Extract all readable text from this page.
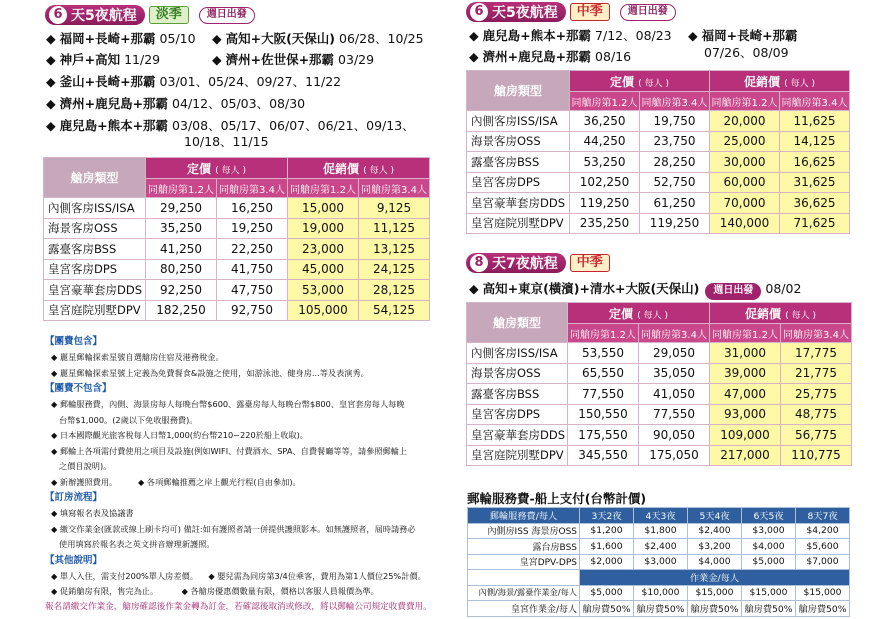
6 天5夜航程	淡季	週日出發
◆ 福岡+長崎+那霸 05/10 ◆ 高知+大阪(天保山) 06/28、10/25
◆ 神戶+高知 11/29	◆ 濟州+佐世保+那霸 03/29
◆ 釜山+長崎+那霸 03/01、05/24、09/27、11/22
◆ 濟州+鹿兒島+那霸 04/12、05/03、08/30
◆ 鹿兒島+熊本+那霸 03/08、05/17、06/07、06/21、09/13、
10/18、11/15
艙房類型	定價 ( 每人 )		促銷價 ( 每人 )	
	同艙房第1.2人	同艙房第3.4人	同艙房第1.2人	同艙房第3.4人
內側客房ISS/ISA	29,250	16,250	15,000	9,125
海景客房OSS	35,250	19,250	19,000	11,125
露臺客房BSS	41,250	22,250	23,000	13,125
皇宮客房DPS	80,250	41,750	45,000	24,125
皇宮豪華套房DDS	92,250	47,750	53,000	28,125
皇宮庭院別墅DPV	182,250	92,750	105,000	54,125
【團費包含】
◆ 麗星郵輪探索星號自選艙房住宿及港務稅金。
◆ 麗星郵輪探索星號上定義為免費餐食&設施之使用，如游泳池、健身房...等及表演秀。
【團費不包含】
◆ 郵輪服務費，內側、海景房每人每晚台幣$600、露臺房每人每晚台幣$800、皇宮套房每人每晚
台幣$1,000。(2歲以下免收服務費)。
◆ 日本國際觀光旅客稅每人日幣1,000(約台幣210~220於船上收取)。
◆ 郵輪上各項需付費使用之項目及設施(例如WIFI、付費酒水、SPA、自費餐廳等等，請參照郵輪上
之價目說明)。
◆ 新辦護照費用。        ◆ 各項郵輪推薦之岸上觀光行程(自由參加)。
【訂房流程】
◆ 填寫報名表及協議書
◆ 繳交作業金(匯款或線上刷卡均可) 備註:如有護照者請一併提供護照影本。如無護照者，屆時請務必
使用填寫於報名表之英文拼音辦理新護照。
【其他說明】
◆ 單人入住，需支付200%單人房差價。    ◆ 嬰兒需為同房第3/4位乘客，費用為第1人價位25%計價。
◆ 促銷艙房有限，售完為止。         ◆ 各艙房優惠價數量有限，價格以客服人員報價為準。
報名請繳交作業金，艙房確認後作業金轉為訂金，若確認後取消或修改，將以郵輪公司規定收費費用。
6 天5夜航程	中季	週日出發
◆ 鹿兒島+熊本+那霸 7/12、08/23 ◆ 福岡+長崎+那霸
07/26、08/09
◆ 濟州+鹿兒島+那霸 08/16
艙房類型	定價 ( 每人 )		促銷價 ( 每人 )	
	同艙房第1.2人	同艙房第3.4人	同艙房第1.2人	同艙房第3.4人
內側客房ISS/ISA	36,250	19,750	20,000	11,625
海景客房OSS	44,250	23,750	25,000	14,125
露臺客房BSS	53,250	28,250	30,000	16,625
皇宮客房DPS	102,250	52,750	60,000	31,625
皇宮豪華套房DDS	119,250	61,250	70,000	36,625
皇宮庭院別墅DPV	235,250	119,250	140,000	71,625
8 天7夜航程	中季
◆ 高知+東京(橫濱)+清水+大阪(天保山) 週日出發 08/02
艙房類型	定價 ( 每人 )		促銷價 ( 每人 )	
	同艙房第1.2人	同艙房第3.4人	同艙房第1.2人	同艙房第3.4人
內側客房ISS/ISA	53,550	29,050	31,000	17,775
海景客房OSS	65,550	35,050	39,000	21,775
露臺客房BSS	77,550	41,050	47,000	25,775
皇宮客房DPS	150,550	77,550	93,000	48,775
皇宮豪華套房DDS	175,550	90,050	109,000	56,775
皇宮庭院別墅DPV	345,550	175,050	217,000	110,775
郵輪服務費-船上支付(台幣計價)
郵輪服務費/每人	3天2夜	4天3夜	5天4夜	6天5夜	8天7夜
內側房ISS 海景房OSS	$1,200	$1,800	$2,400	$3,000	$4,200
露台房BSS	$1,600	$2,400	$3,200	$4,000	$5,600
皇宮DPV-DPS	$2,000	$3,000	$4,000	$5,000	$7,000
	作業金/每人				
內側/海景/露臺作業金/每人	$5,000	$10,000	$15,000	$15,000	$15,000
皇宮作業金/每人	艙房費50%	艙房費50%	艙房費50%	艙房費50%	艙房費50%
